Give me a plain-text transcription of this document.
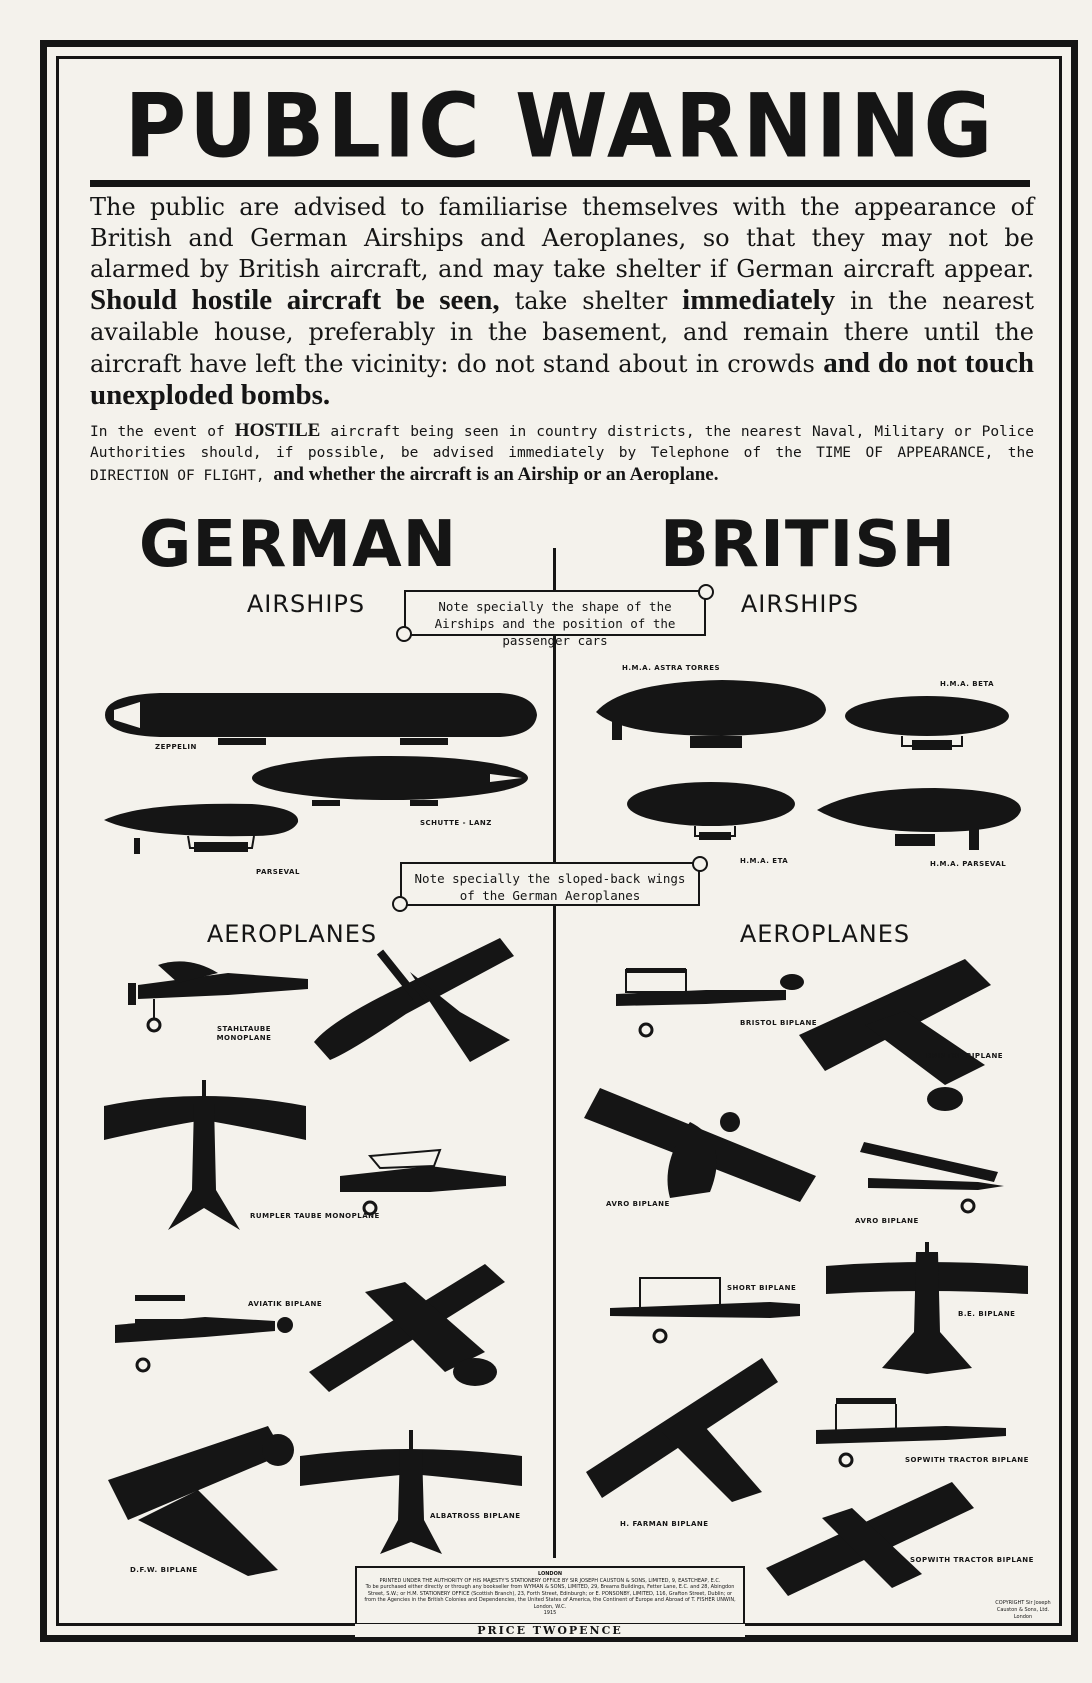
PUBLIC WARNING

The public are advised to familiarise themselves with the appearance of British and German Airships and Aeroplanes, so that they may not be alarmed by British aircraft, and may take shelter if German aircraft appear. Should hostile aircraft be seen, take shelter immediately in the nearest available house, preferably in the basement, and remain there until the aircraft have left the vicinity: do not stand about in crowds and do not touch unexploded bombs.

In the event of HOSTILE aircraft being seen in country districts, the nearest Naval, Military or Police Authorities should, if possible, be advised immediately by Telephone of the TIME OF APPEARANCE, the DIRECTION OF FLIGHT, and whether the aircraft is an Airship or an Aeroplane.

GERMAN	BRITISH
AIRSHIPS	AIRSHIPS
Note specially the shape of the Airships and the position of the passenger cars
ZEPPELIN
SCHUTTE - LANZ
PARSEVAL
H.M.A. ASTRA TORRES
H.M.A. BETA
H.M.A. ETA	H.M.A. PARSEVAL
Note specially the sloped-back wings of the German Aeroplanes
AEROPLANES	AEROPLANES
STAHLTAUBE MONOPLANE
RUMPLER TAUBE MONOPLANE
AVIATIK BIPLANE
D.F.W. BIPLANE
ALBATROSS BIPLANE
BRISTOL BIPLANE
BRISTOL BIPLANE
AVRO BIPLANE
AVRO BIPLANE
SHORT BIPLANE
B.E. BIPLANE
H. FARMAN BIPLANE
SOPWITH TRACTOR BIPLANE
SOPWITH TRACTOR BIPLANE
LONDON
PRINTED UNDER THE AUTHORITY OF HIS MAJESTY'S STATIONERY OFFICE BY SIR JOSEPH CAUSTON & SONS, LIMITED, 9, EASTCHEAP, E.C.
To be purchased either directly or through any bookseller from WYMAN & SONS, LIMITED, 29, Breams Buildings, Fetter Lane, E.C. and 28, Abingdon Street, S.W.; or H.M. STATIONERY OFFICE (Scottish Branch), 23, Forth Street, Edinburgh; or E. PONSONBY, LIMITED, 116, Grafton Street, Dublin; or from the Agencies in the British Colonies and Dependencies, the United States of America, the Continent of Europe and Abroad of T. FISHER UNWIN, London, W.C.
1915
PRICE TWOPENCE
COPYRIGHT Sir Joseph Causton & Sons, Ltd. London
